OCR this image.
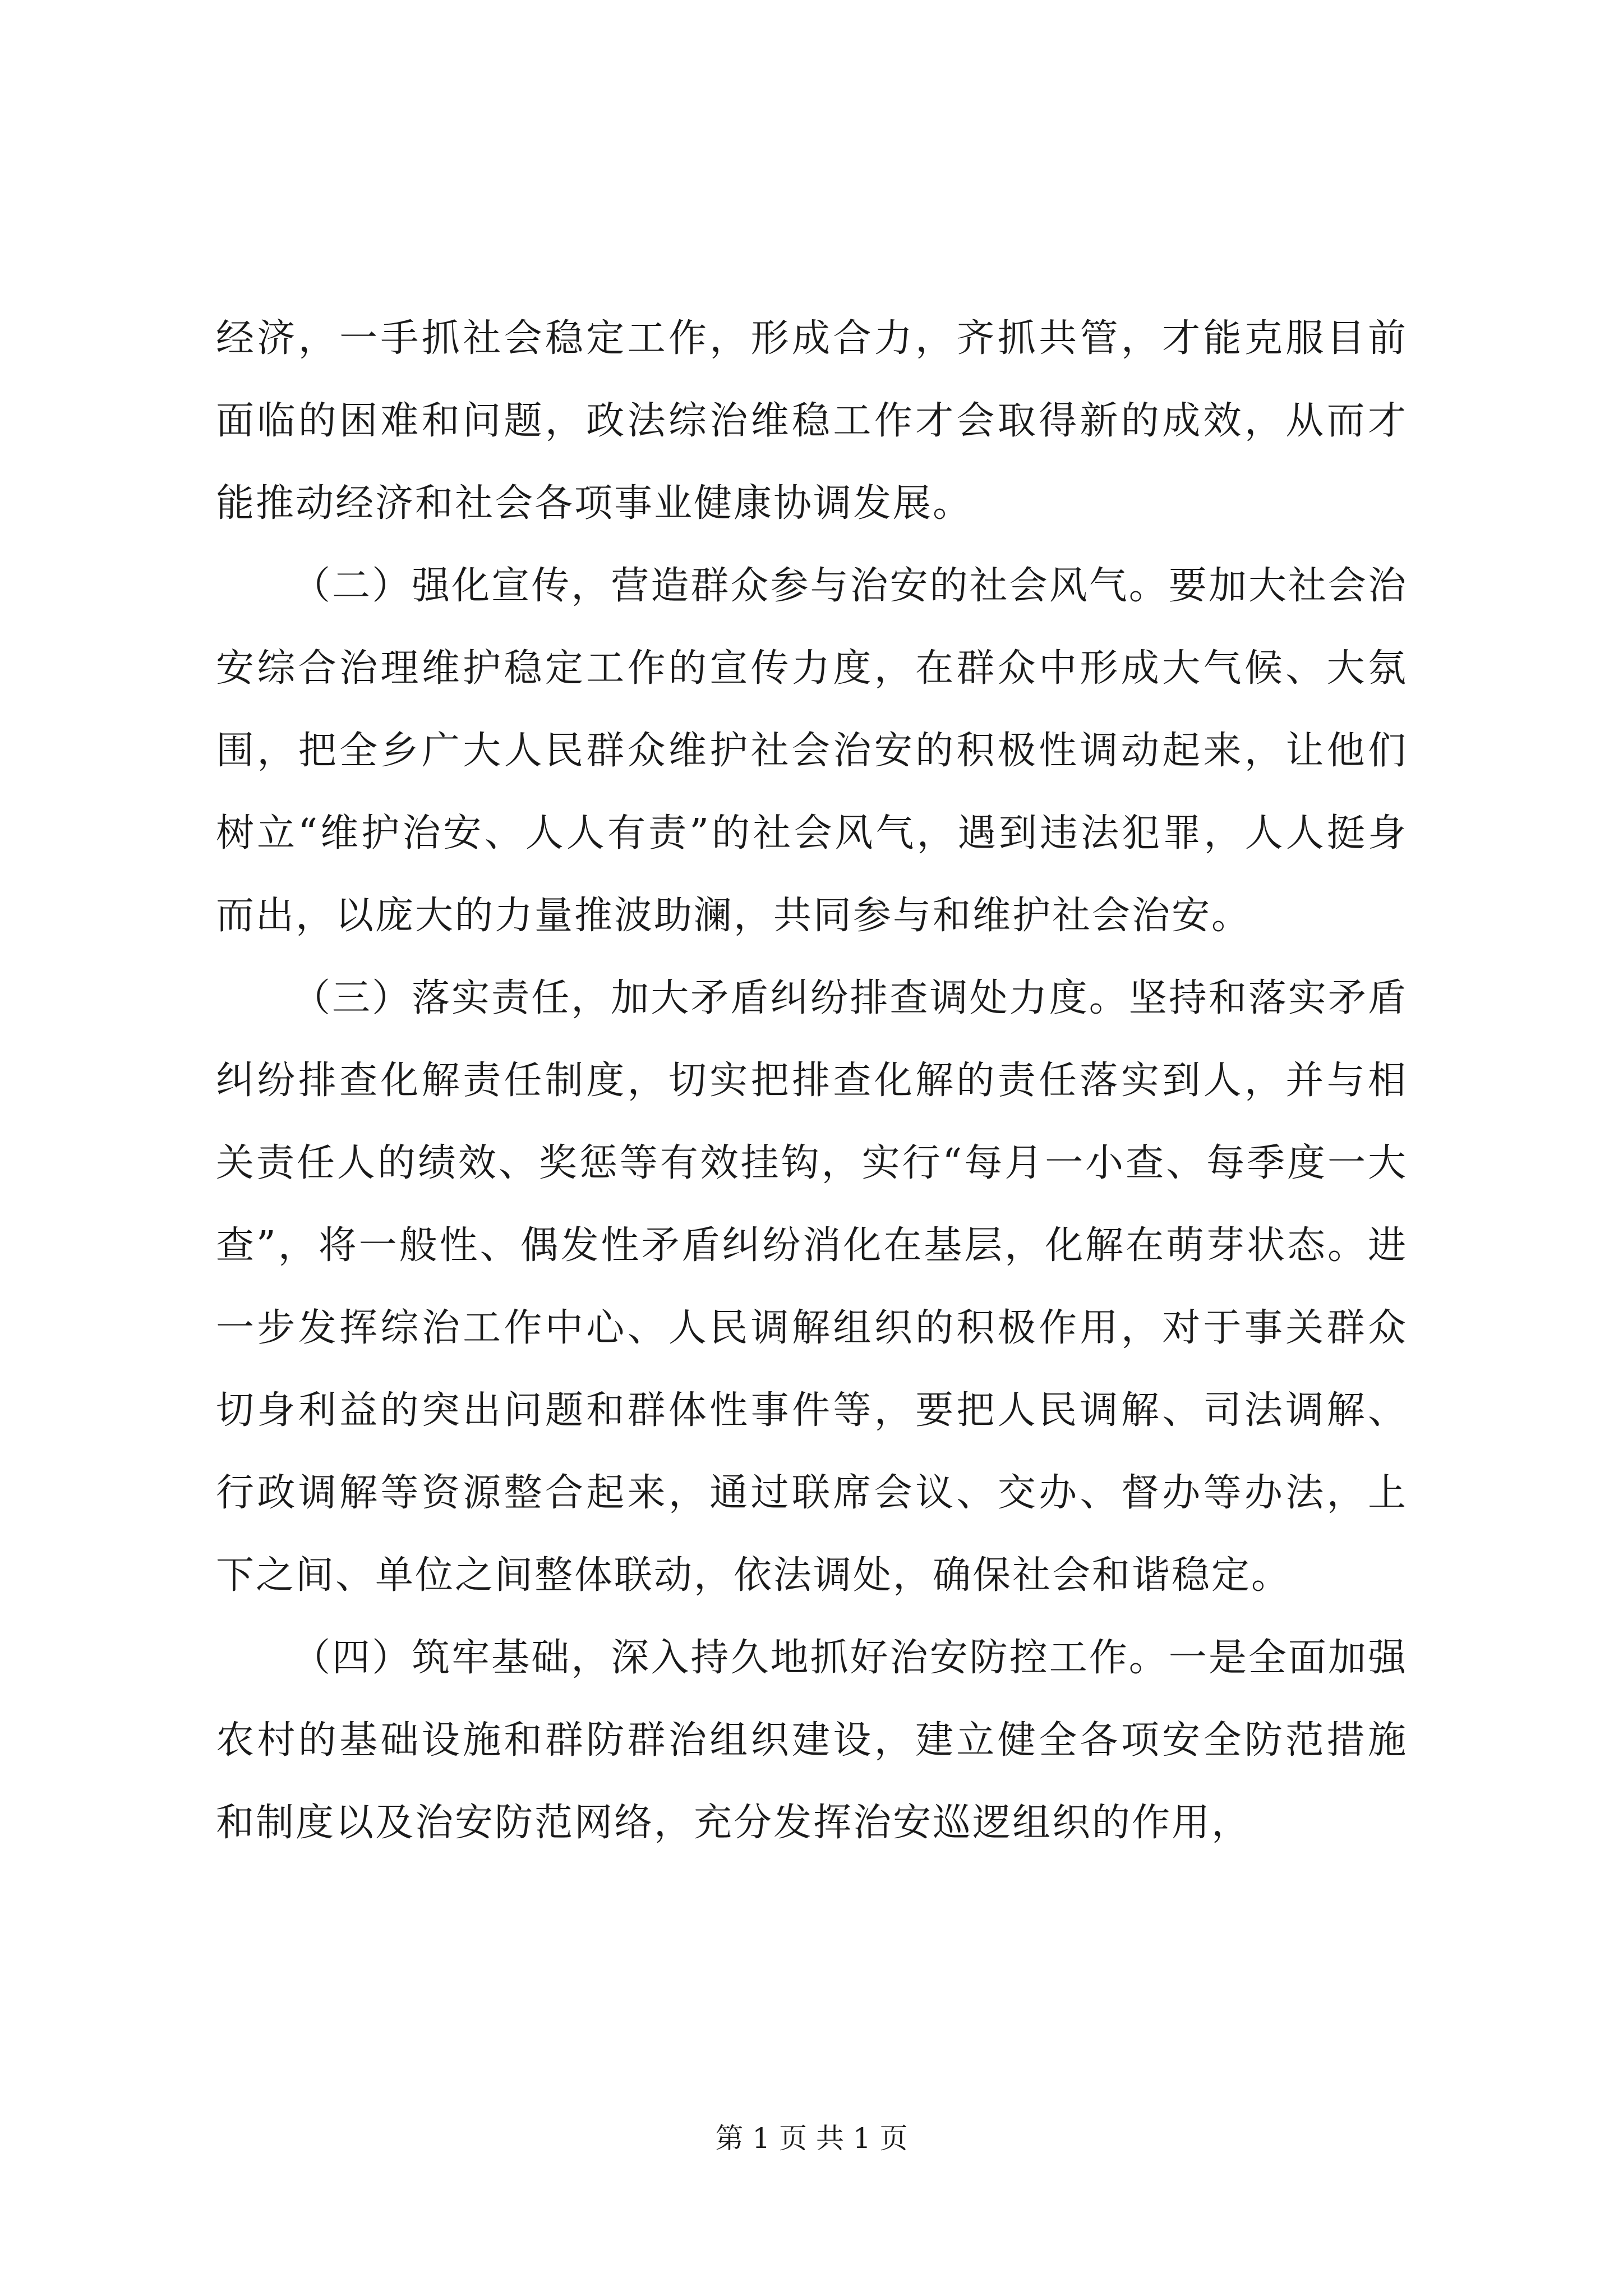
经济，一手抓社会稳定工作，形成合力，齐抓共管，才能克服目前面临的困难和问题，政法综治维稳工作才会取得新的成效，从而才能推动经济和社会各项事业健康协调发展。

（二）强化宣传，营造群众参与治安的社会风气。要加大社会治安综合治理维护稳定工作的宣传力度，在群众中形成大气候、大氛围，把全乡广大人民群众维护社会治安的积极性调动起来，让他们树立“维护治安、人人有责”的社会风气，遇到违法犯罪，人人挺身而出，以庞大的力量推波助澜，共同参与和维护社会治安。

（三）落实责任，加大矛盾纠纷排查调处力度。坚持和落实矛盾纠纷排查化解责任制度，切实把排查化解的责任落实到人，并与相关责任人的绩效、奖惩等有效挂钩，实行“每月一小查、每季度一大查”，将一般性、偶发性矛盾纠纷消化在基层，化解在萌芽状态。进一步发挥综治工作中心、人民调解组织的积极作用，对于事关群众切身利益的突出问题和群体性事件等，要把人民调解、司法调解、行政调解等资源整合起来，通过联席会议、交办、督办等办法，上下之间、单位之间整体联动，依法调处，确保社会和谐稳定。

（四）筑牢基础，深入持久地抓好治安防控工作。一是全面加强农村的基础设施和群防群治组织建设，建立健全各项安全防范措施和制度以及治安防范网络，充分发挥治安巡逻组织的作用，

第 1 页 共 1 页
